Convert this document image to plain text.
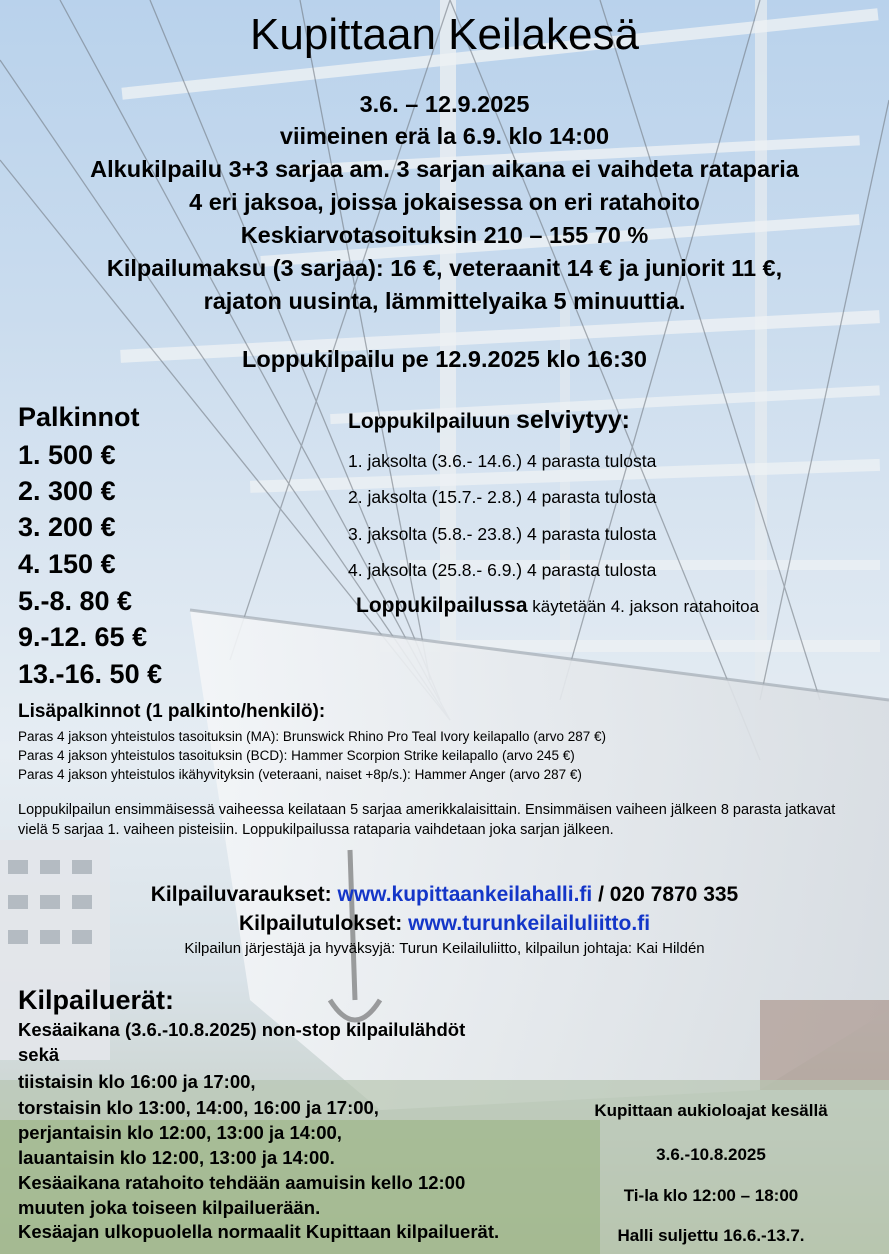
Kupittaan Keilakesä
3.6. – 12.9.2025
viimeinen erä la 6.9. klo 14:00
Alkukilpailu 3+3 sarjaa am. 3 sarjan aikana ei vaihdeta rataparia
4 eri jaksoa, joissa jokaisessa on eri ratahoito
Keskiarvotasoituksin 210 – 155 70 %
Kilpailumaksu (3 sarjaa): 16 €, veteraanit 14 € ja juniorit 11 €,
rajaton uusinta, lämmittelyaika 5 minuuttia.
Loppukilpailu pe 12.9.2025 klo 16:30
Palkinnot
1. 500 €
2. 300 €
3. 200 €
4. 150 €
5.-8. 80 €
9.-12. 65 €
13.-16. 50 €
Loppukilpailuun selviytyy:
1. jaksolta (3.6.- 14.6.) 4 parasta tulosta
2. jaksolta (15.7.- 2.8.) 4 parasta tulosta
3. jaksolta (5.8.- 23.8.) 4 parasta tulosta
4. jaksolta (25.8.- 6.9.) 4 parasta tulosta
Loppukilpailussa käytetään 4. jakson ratahoitoa
Lisäpalkinnot (1 palkinto/henkilö):
Paras 4 jakson yhteistulos tasoituksin (MA): Brunswick Rhino Pro Teal Ivory keilapallo (arvo 287 €)
Paras 4 jakson yhteistulos tasoituksin (BCD): Hammer Scorpion Strike keilapallo (arvo 245 €)
Paras 4 jakson yhteistulos ikähyvityksin (veteraani, naiset +8p/s.): Hammer Anger (arvo 287 €)
Loppukilpailun ensimmäisessä vaiheessa keilataan 5 sarjaa amerikkalaisittain. Ensimmäisen vaiheen jälkeen 8 parasta jatkavat vielä 5 sarjaa 1. vaiheen pisteisiin. Loppukilpailussa rataparia vaihdetaan joka sarjan jälkeen.
Kilpailuvaraukset: www.kupittaankeilahalli.fi / 020 7870 335
Kilpailutulokset: www.turunkeilailuliitto.fi
Kilpailun järjestäjä ja hyväksyjä: Turun Keilailuliitto, kilpailun johtaja: Kai Hildén
Kilpailuerät:
Kesäaikana (3.6.-10.8.2025) non-stop kilpailulähdöt
sekä
tiistaisin klo 16:00 ja 17:00,
torstaisin klo 13:00, 14:00, 16:00 ja 17:00,
perjantaisin klo 12:00, 13:00 ja 14:00,
lauantaisin klo 12:00, 13:00 ja 14:00.
Kesäaikana ratahoito tehdään aamuisin kello 12:00
muuten joka toiseen kilpailuerään.
Kesäajan ulkopuolella normaalit Kupittaan kilpailuerät.
Kupittaan aukioloajat kesällä
3.6.-10.8.2025
Ti-la klo 12:00 – 18:00
Halli suljettu 16.6.-13.7.
